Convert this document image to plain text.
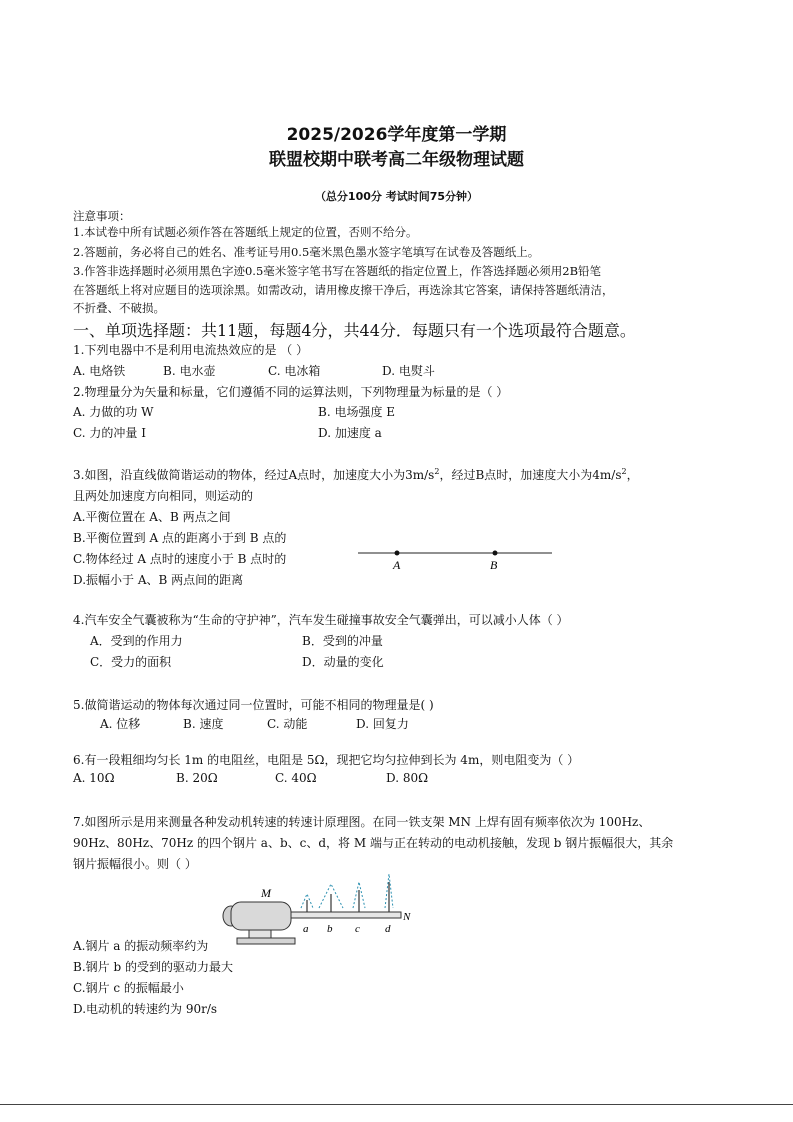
2025/2026学年度第一学期
联盟校期中联考高二年级物理试题
（总分100分 考试时间75分钟）
注意事项：
1.本试卷中所有试题必须作答在答题纸上规定的位置，否则不给分。
2.答题前，务必将自己的姓名、准考证号用0.5毫米黑色墨水签字笔填写在试卷及答题纸上。
3.作答非选择题时必须用黑色字迹0.5毫米签字笔书写在答题纸的指定位置上，作答选择题必须用2B铅笔
在答题纸上将对应题目的选项涂黑。如需改动，请用橡皮擦干净后，再选涂其它答案，请保持答题纸清洁，
不折叠、不破损。
一、单项选择题：共11题，每题4分，共44分．每题只有一个选项最符合题意。
1.下列电器中不是利用电流热效应的是 （ ）
A. 电烙铁	B. 电水壶	C. 电冰箱	D. 电熨斗
2.物理量分为矢量和标量，它们遵循不同的运算法则，下列物理量为标量的是（ ）
A. 力做的功 W	B. 电场强度 E
C. 力的冲量 I	D. 加速度 a
3.如图，沿直线做简谐运动的物体，经过A点时，加速度大小为$3m/s^2$，经过B点时，加速度大小为$4m/s^2$，
且两处加速度方向相同，则运动的
A.平衡位置在 A、B 两点之间
B.平衡位置到 A 点的距离小于到 B 点的
C.物体经过 A 点时的速度小于 B 点时的
D.振幅小于 A、B 两点间的距离
A	B
4.汽车安全气囊被称为“生命的守护神”，汽车发生碰撞事故安全气囊弹出，可以减小人体（ ）
A．受到的作用力	B．受到的冲量
C．受力的面积	D．动量的变化
5.做简谐运动的物体每次通过同一位置时，可能不相同的物理量是( )
A. 位移	B. 速度	C. 动能	D. 回复力
6.有一段粗细均匀长 1m 的电阻丝，电阻是 5Ω，现把它均匀拉伸到长为 4m，则电阻变为（ ）
A. 10Ω	B. 20Ω	C. 40Ω	D. 80Ω
7.如图所示是用来测量各种发动机转速的转速计原理图。在同一铁支架 MN 上焊有固有频率依次为 100Hz、
90Hz、80Hz、70Hz 的四个钢片 a、b、c、d，将 M 端与正在转动的电动机接触，发现 b 钢片振幅很大，其余
钢片振幅很小。则（ ）
M
N
a b c d
A.钢片 a 的振动频率约为
B.钢片 b 的受到的驱动力最大
C.钢片 c 的振幅最小
D.电动机的转速约为 90r/s
